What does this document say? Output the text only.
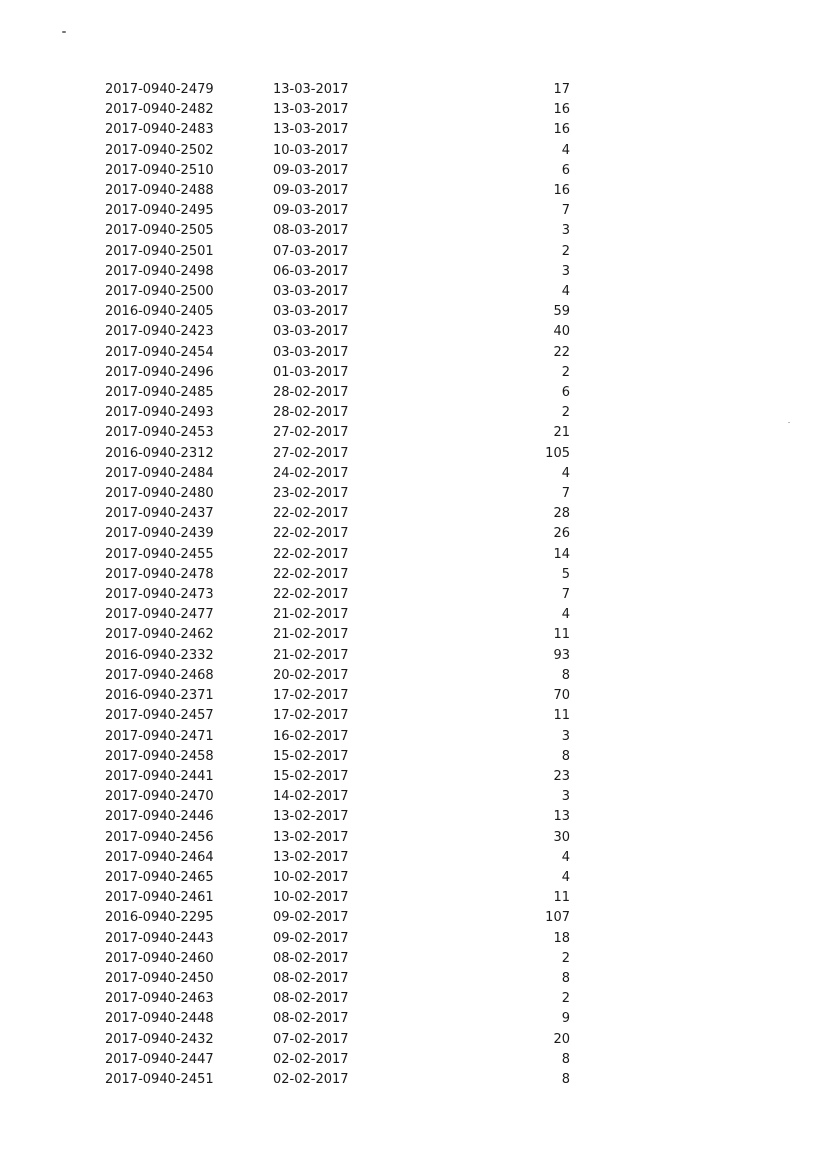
2017-0940-2479	13-03-2017	17
2017-0940-2482	13-03-2017	16
2017-0940-2483	13-03-2017	16
2017-0940-2502	10-03-2017	4
2017-0940-2510	09-03-2017	6
2017-0940-2488	09-03-2017	16
2017-0940-2495	09-03-2017	7
2017-0940-2505	08-03-2017	3
2017-0940-2501	07-03-2017	2
2017-0940-2498	06-03-2017	3
2017-0940-2500	03-03-2017	4
2016-0940-2405	03-03-2017	59
2017-0940-2423	03-03-2017	40
2017-0940-2454	03-03-2017	22
2017-0940-2496	01-03-2017	2
2017-0940-2485	28-02-2017	6
2017-0940-2493	28-02-2017	2
2017-0940-2453	27-02-2017	21
2016-0940-2312	27-02-2017	105
2017-0940-2484	24-02-2017	4
2017-0940-2480	23-02-2017	7
2017-0940-2437	22-02-2017	28
2017-0940-2439	22-02-2017	26
2017-0940-2455	22-02-2017	14
2017-0940-2478	22-02-2017	5
2017-0940-2473	22-02-2017	7
2017-0940-2477	21-02-2017	4
2017-0940-2462	21-02-2017	11
2016-0940-2332	21-02-2017	93
2017-0940-2468	20-02-2017	8
2016-0940-2371	17-02-2017	70
2017-0940-2457	17-02-2017	11
2017-0940-2471	16-02-2017	3
2017-0940-2458	15-02-2017	8
2017-0940-2441	15-02-2017	23
2017-0940-2470	14-02-2017	3
2017-0940-2446	13-02-2017	13
2017-0940-2456	13-02-2017	30
2017-0940-2464	13-02-2017	4
2017-0940-2465	10-02-2017	4
2017-0940-2461	10-02-2017	11
2016-0940-2295	09-02-2017	107
2017-0940-2443	09-02-2017	18
2017-0940-2460	08-02-2017	2
2017-0940-2450	08-02-2017	8
2017-0940-2463	08-02-2017	2
2017-0940-2448	08-02-2017	9
2017-0940-2432	07-02-2017	20
2017-0940-2447	02-02-2017	8
2017-0940-2451	02-02-2017	8
